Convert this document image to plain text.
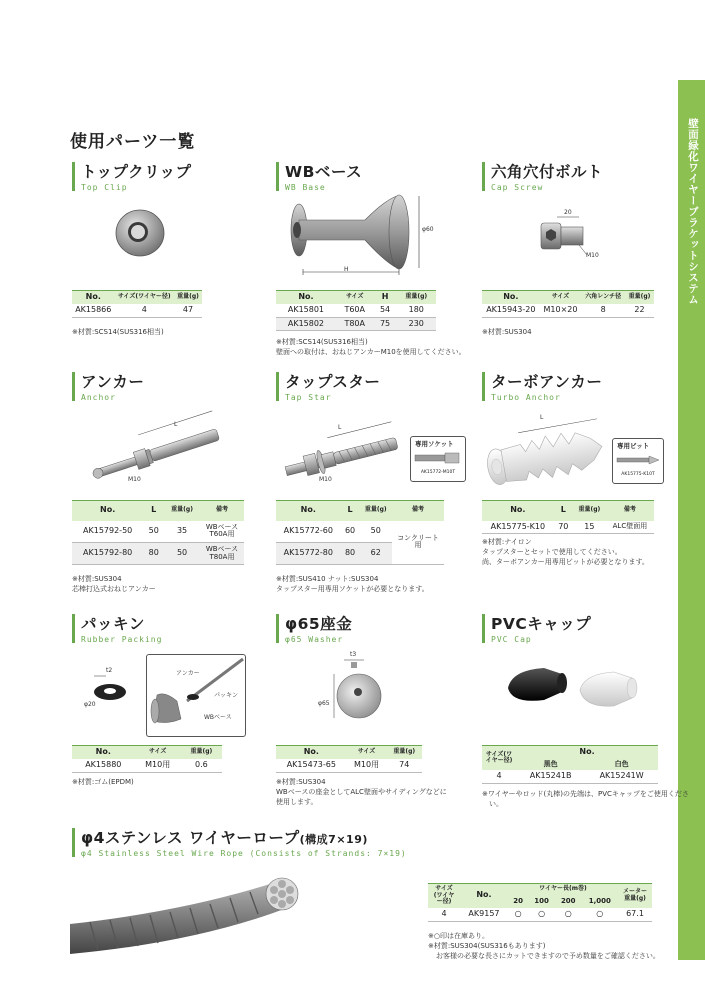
壁面緑化ワイヤーブラケットシステム
使用パーツ一覧
トップクリップ
Top Clip
No.	サイズ(ワイヤー径)	重量(g)
AK15866	4	47
※材質:SCS14(SUS316相当)
WBベース
WB Base
H
φ60
No.	サイズ	H	重量(g)
AK15801	T60A	54	180
AK15802	T80A	75	230
※材質:SCS14(SUS316相当)
壁面への取付は、おねじアンカーM10を使用してください。
六角穴付ボルト
Cap Screw
20
M10
No.	サイズ	六角レンチ径	重量(g)
AK15943-20	M10×20	8	22
※材質:SUS304
アンカー
Anchor
L
M10
No.	L	重量(g)	備考
AK15792-50	50	35	WBベース T60A用
AK15792-80	80	50	WBベース T80A用
※材質:SUS304
芯棒打込式おねじアンカー
タップスター
Tap Star
L
M10
専用ソケット
AK15772-M10T
No.	L	重量(g)	備考
AK15772-60	60	50	コンクリート用
AK15772-80	80	62	
※材質:SUS410 ナット:SUS304
タップスター用専用ソケットが必要となります。
ターボアンカー
Turbo Anchor
L
専用ビット
AK15775-K10T
No.	L	重量(g)	備考
AK15775-K10	70	15	ALC壁面用
※材質:ナイロン
タップスターとセットで使用してください。
尚、ターボアンカー用専用ビットが必要となります。
パッキン
Rubber Packing
t2
φ20
アンカー
パッキン
WBベース
No.	サイズ	重量(g)
AK15880	M10用	0.6
※材質:ゴム(EPDM)
φ65座金
φ65 Washer
t3
φ65
No.	サイズ	重量(g)
AK15473-65	M10用	74
※材質:SUS304
WBベースの座金としてALC壁面やサイディングなどに
使用します。
PVCキャップ
PVC Cap
サイズ(ワイヤー径)	No.	
	黒色	白色
4	AK15241B	AK15241W
※ワイヤーやロッド(丸棒)の先端は、PVCキャップをご使用くださ
い。
φ4ステンレス ワイヤーロープ(構成7×19)
φ4 Stainless Steel Wire Rope (Consists of Strands: 7×19)
サイズ(ワイヤー径)	No.	ワイヤー長(m巻)				メーター重量(g)
		20	100	200	1,000	
4	AK9157	○	○	○	○	67.1
※○印は在庫あり。
※材質:SUS304(SUS316もあります)
お客様の必要な長さにカットできますので予め数量をご確認ください。
